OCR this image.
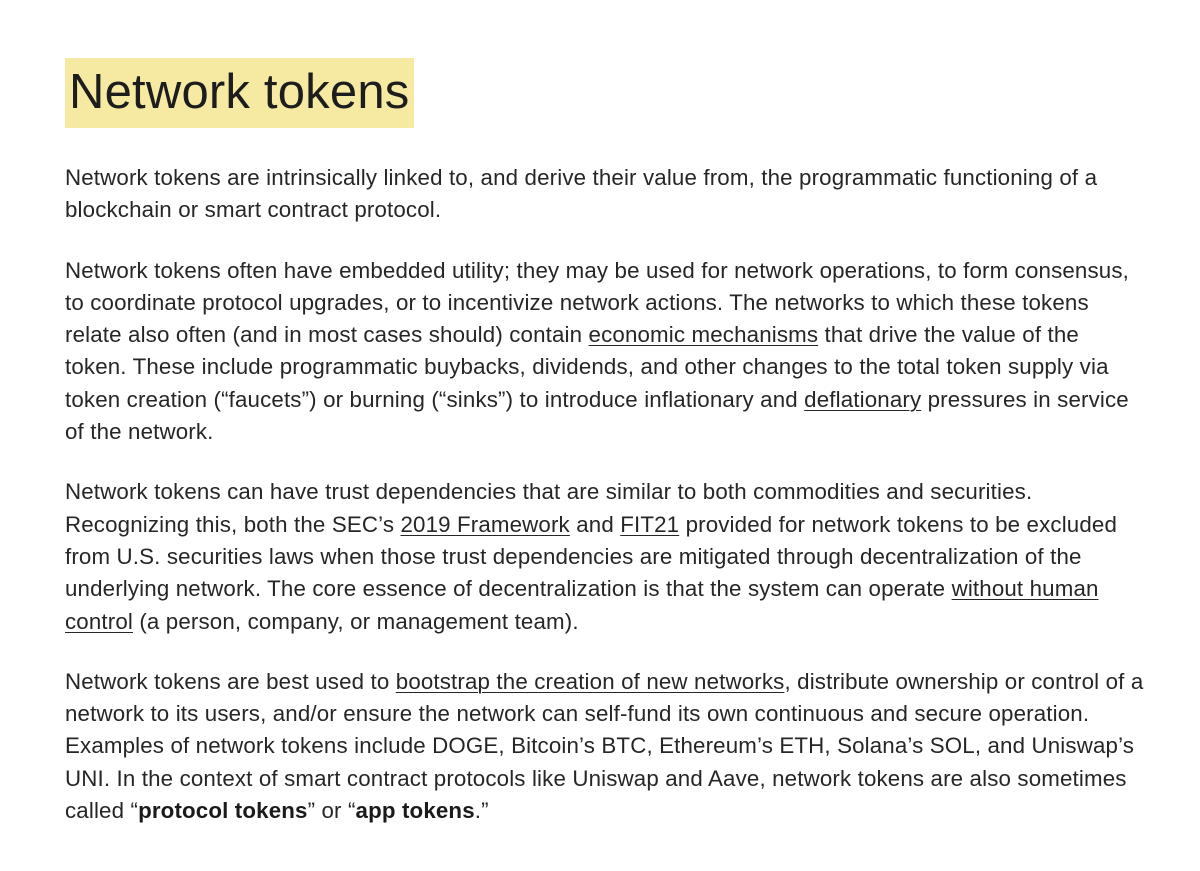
Network tokens

Network tokens are intrinsically linked to, and derive their value from, the programmatic functioning of a blockchain or smart contract protocol.

Network tokens often have embedded utility; they may be used for network operations, to form consensus, to coordinate protocol upgrades, or to incentivize network actions. The networks to which these tokens relate also often (and in most cases should) contain economic mechanisms that drive the value of the token. These include programmatic buybacks, dividends, and other changes to the total token supply via token creation (“faucets”) or burning (“sinks”) to introduce inflationary and deflationary pressures in service of the network.

Network tokens can have trust dependencies that are similar to both commodities and securities. Recognizing this, both the SEC’s 2019 Framework and FIT21 provided for network tokens to be excluded from U.S. securities laws when those trust dependencies are mitigated through decentralization of the underlying network. The core essence of decentralization is that the system can operate without human control (a person, company, or management team).

Network tokens are best used to bootstrap the creation of new networks, distribute ownership or control of a network to its users, and/or ensure the network can self-fund its own continuous and secure operation. Examples of network tokens include DOGE, Bitcoin’s BTC, Ethereum’s ETH, Solana’s SOL, and Uniswap’s UNI. In the context of smart contract protocols like Uniswap and Aave, network tokens are also sometimes called “protocol tokens” or “app tokens.”
